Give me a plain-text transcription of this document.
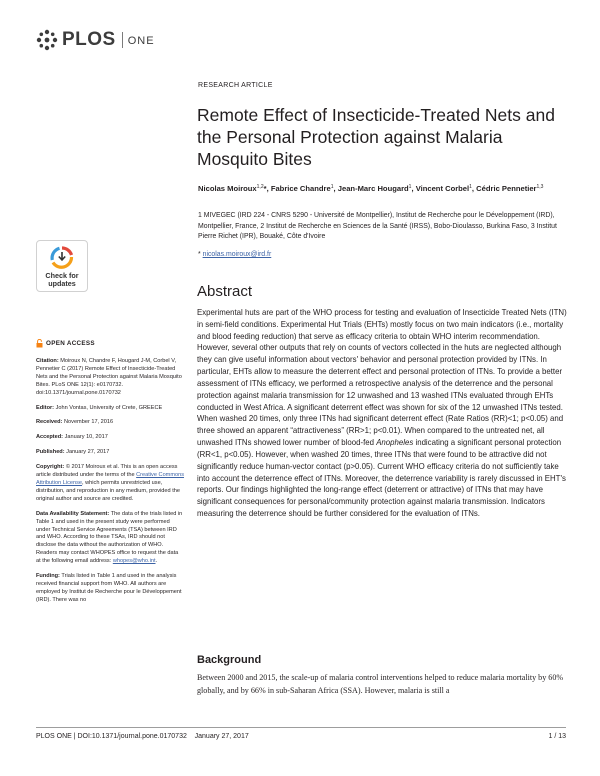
PLOS ONE
RESEARCH ARTICLE
Remote Effect of Insecticide-Treated Nets and the Personal Protection against Malaria Mosquito Bites
Nicolas Moiroux$^{1,2}$*, Fabrice Chandre$^1$, Jean-Marc Hougard$^1$, Vincent Corbel$^1$, Cédric Pennetier$^{1,3}$
1 MIVEGEC (IRD 224 - CNRS 5290 - Université de Montpellier), Institut de Recherche pour le Développement (IRD), Montpellier, France, 2 Institut de Recherche en Sciences de la Santé (IRSS), Bobo-Dioulasso, Burkina Faso, 3 Institut Pierre Richet (IPR), Bouaké, Côte d'Ivoire
* nicolas.moiroux@ird.fr
Check for updates
OPEN ACCESS
Citation: Moiroux N, Chandre F, Hougard J-M, Corbel V, Pennetier C (2017) Remote Effect of Insecticide-Treated Nets and the Personal Protection against Malaria Mosquito Bites. PLoS ONE 12(1): e0170732. doi:10.1371/journal.pone.0170732
Editor: John Vontas, University of Crete, GREECE
Received: November 17, 2016
Accepted: January 10, 2017
Published: January 27, 2017
Copyright: © 2017 Moiroux et al. This is an open access article distributed under the terms of the Creative Commons Attribution License, which permits unrestricted use, distribution, and reproduction in any medium, provided the original author and source are credited.
Data Availability Statement: The data of the trials listed in Table 1 and used in the present study were performed under Technical Service Agreements (TSA) between IRD and WHO. According to these TSAs, IRD should not disclose the data without the authorization of WHO. Readers may contact WHOPES office to request the data at the following email address: whopes@who.int.
Funding: Trials listed in Table 1 and used in the analysis received financial support from WHO. All authors are employed by Institut de Recherche pour le Développement (IRD). There was no
Abstract

Experimental huts are part of the WHO process for testing and evaluation of Insecticide Treated Nets (ITN) in semi-field conditions. Experimental Hut Trials (EHTs) mostly focus on two main indicators (i.e., mortality and blood feeding reduction) that serve as efficacy criteria to obtain WHO interim recommendation. However, several other outputs that rely on counts of vectors collected in the huts are neglected although they can give useful information about vectors' behavior and personal protection provided by ITNs. In particular, EHTs allow to measure the deterrent effect and personal protection of ITNs. To provide a better assessment of ITNs efficacy, we performed a retrospective analysis of the deterrence and the personal protection against malaria transmission for 12 unwashed and 13 washed ITNs evaluated through EHTs conducted in West Africa. A significant deterrent effect was shown for six of the 12 unwashed ITNs tested. When washed 20 times, only three ITNs had significant deterrent effect (Rate Ratios (RR)<1; p<0.05) and three showed an apparent “attractiveness” (RR>1; p<0.01). When compared to the untreated net, all unwashed ITNs showed lower number of blood-fed Anopheles indicating a significant personal protection (RR<1, p<0.05). However, when washed 20 times, three ITNs that were found to be attractive did not significantly reduce human-vector contact (p>0.05). Current WHO efficacy criteria do not sufficiently take into account the deterrence effect of ITNs. Moreover, the deterrence variability is rarely discussed in EHT's reports. Our findings highlighted the long-range effect (deterrent or attractive) of ITNs that may have significant consequences for personal/community protection against malaria transmission. Indicators measuring the deterrence should be further considered for the evaluation of ITNs.

Background

Between 2000 and 2015, the scale-up of malaria control interventions helped to reduce malaria mortality by 60% globally, and by 66% in sub-Saharan Africa (SSA). However, malaria is still a

PLOS ONE | DOI:10.1371/journal.pone.0170732    January 27, 2017	1 / 13
